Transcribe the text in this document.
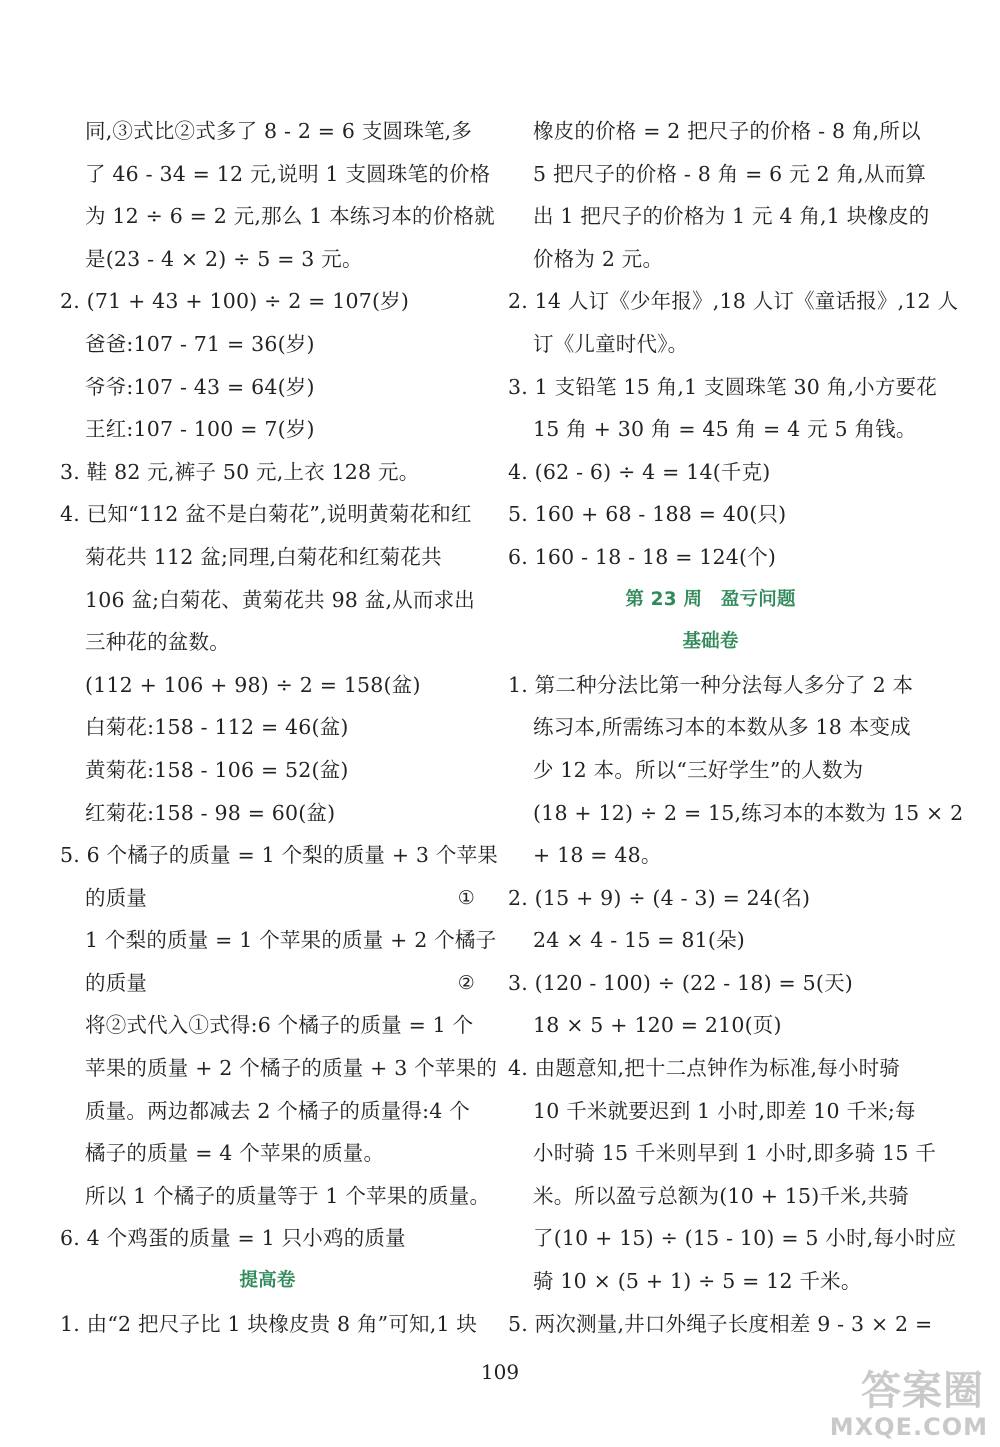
同,③式比②式多了 8 - 2 = 6 支圆珠笔,多
了 46 - 34 = 12 元,说明 1 支圆珠笔的价格
为 12 ÷ 6 = 2 元,那么 1 本练习本的价格就
是(23 - 4 × 2) ÷ 5 = 3 元。
2. (71 + 43 + 100) ÷ 2 = 107(岁)
爸爸:107 - 71 = 36(岁)
爷爷:107 - 43 = 64(岁)
王红:107 - 100 = 7(岁)
3. 鞋 82 元,裤子 50 元,上衣 128 元。
4. 已知“112 盆不是白菊花”,说明黄菊花和红
菊花共 112 盆;同理,白菊花和红菊花共
106 盆;白菊花、黄菊花共 98 盆,从而求出
三种花的盆数。
(112 + 106 + 98) ÷ 2 = 158(盆)
白菊花:158 - 112 = 46(盆)
黄菊花:158 - 106 = 52(盆)
红菊花:158 - 98 = 60(盆)
5. 6 个橘子的质量 = 1 个梨的质量 + 3 个苹果
的质量	①
1 个梨的质量 = 1 个苹果的质量 + 2 个橘子
的质量	②
将②式代入①式得:6 个橘子的质量 = 1 个
苹果的质量 + 2 个橘子的质量 + 3 个苹果的
质量。两边都减去 2 个橘子的质量得:4 个
橘子的质量 = 4 个苹果的质量。
所以 1 个橘子的质量等于 1 个苹果的质量。
6. 4 个鸡蛋的质量 = 1 只小鸡的质量
提高卷
1. 由“2 把尺子比 1 块橡皮贵 8 角”可知,1 块
橡皮的价格 = 2 把尺子的价格 - 8 角,所以
5 把尺子的价格 - 8 角 = 6 元 2 角,从而算
出 1 把尺子的价格为 1 元 4 角,1 块橡皮的
价格为 2 元。
2. 14 人订《少年报》,18 人订《童话报》,12 人
订《儿童时代》。
3. 1 支铅笔 15 角,1 支圆珠笔 30 角,小方要花
15 角 + 30 角 = 45 角 = 4 元 5 角钱。
4. (62 - 6) ÷ 4 = 14(千克)
5. 160 + 68 - 188 = 40(只)
6. 160 - 18 - 18 = 124(个)
第 23 周　盈亏问题
基础卷
1. 第二种分法比第一种分法每人多分了 2 本
练习本,所需练习本的本数从多 18 本变成
少 12 本。所以“三好学生”的人数为
(18 + 12) ÷ 2 = 15,练习本的本数为 15 × 2
+ 18 = 48。
2. (15 + 9) ÷ (4 - 3) = 24(名)
24 × 4 - 15 = 81(朵)
3. (120 - 100) ÷ (22 - 18) = 5(天)
18 × 5 + 120 = 210(页)
4. 由题意知,把十二点钟作为标准,每小时骑
10 千米就要迟到 1 小时,即差 10 千米;每
小时骑 15 千米则早到 1 小时,即多骑 15 千
米。所以盈亏总额为(10 + 15)千米,共骑
了(10 + 15) ÷ (15 - 10) = 5 小时,每小时应
骑 10 × (5 + 1) ÷ 5 = 12 千米。
5. 两次测量,井口外绳子长度相差 9 - 3 × 2 =
109	答案圈
MXQE.COM
